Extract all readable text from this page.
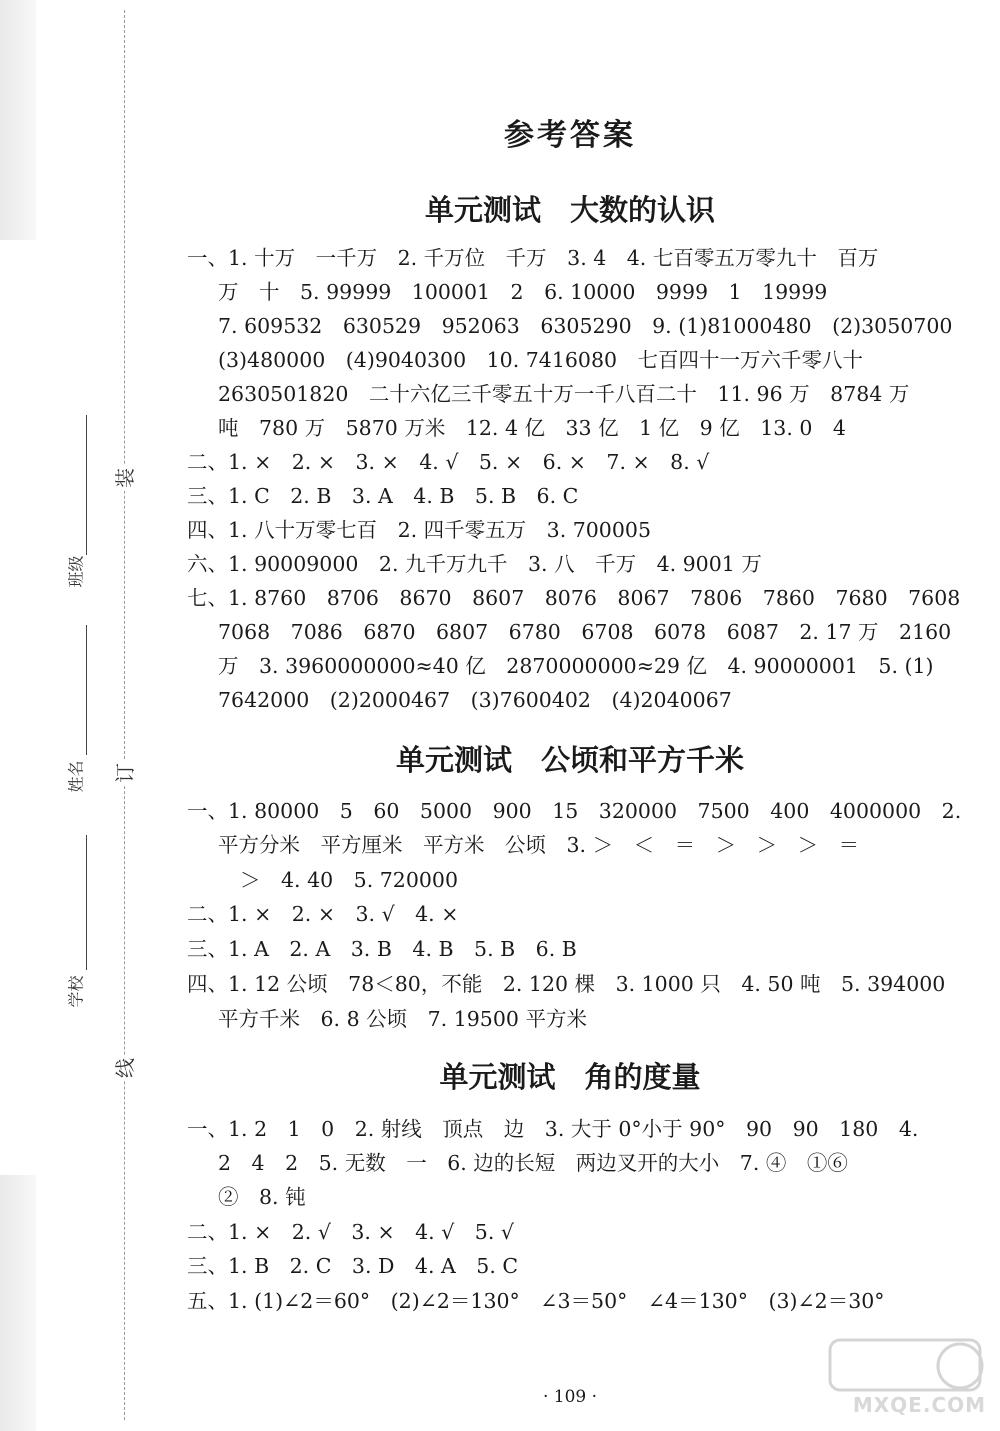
装
订
线
班级
姓名
学校
参考答案
单元测试　大数的认识
一、1. 十万　一千万　2. 千万位　千万　3. 4　4. 七百零五万零九十　百万
万　十　5. 99999　100001　2　6. 10000　9999　1　19999
7. 609532　630529　952063　6305290　9. (1)81000480　(2)3050700
(3)480000　(4)9040300　10. 7416080　七百四十一万六千零八十
2630501820　二十六亿三千零五十万一千八百二十　11. 96 万　8784 万
吨　780 万　5870 万米　12. 4 亿　33 亿　1 亿　9 亿　13. 0　4
二、1. ×　2. ×　3. ×　4. √　5. ×　6. ×　7. ×　8. √
三、1. C　2. B　3. A　4. B　5. B　6. C
四、1. 八十万零七百　2. 四千零五万　3. 700005
六、1. 90009000　2. 九千万九千　3. 八　千万　4. 9001 万
七、1. 8760　8706　8670　8607　8076　8067　7806　7860　7680　7608
7068　7086　6870　6807　6780　6708　6078　6087　2. 17 万　2160
万　3. 3960000000≈40 亿　2870000000≈29 亿　4. 90000001　5. (1)
7642000　(2)2000467　(3)7600402　(4)2040067
单元测试　公顷和平方千米
一、1. 80000　5　60　5000　900　15　320000　7500　400　4000000　2.
平方分米　平方厘米　平方米　公顷　3. ＞　＜　＝　＞　＞　＞　＝
＞　4. 40　5. 720000
二、1. ×　2. ×　3. √　4. ×
三、1. A　2. A　3. B　4. B　5. B　6. B
四、1. 12 公顷　78＜80，不能　2. 120 棵　3. 1000 只　4. 50 吨　5. 394000
平方千米　6. 8 公顷　7. 19500 平方米
单元测试　角的度量
一、1. 2　1　0　2. 射线　顶点　边　3. 大于 0°小于 90°　90　90　180　4.
2　4　2　5. 无数　一　6. 边的长短　两边叉开的大小　7. ④　①⑥
②　8. 钝
二、1. ×　2. √　3. ×　4. √　5. √
三、1. B　2. C　3. D　4. A　5. C
五、1. (1)∠2＝60°　(2)∠2＝130°　∠3＝50°　∠4＝130°　(3)∠2＝30°
· 109 ·	MXQE.COM
